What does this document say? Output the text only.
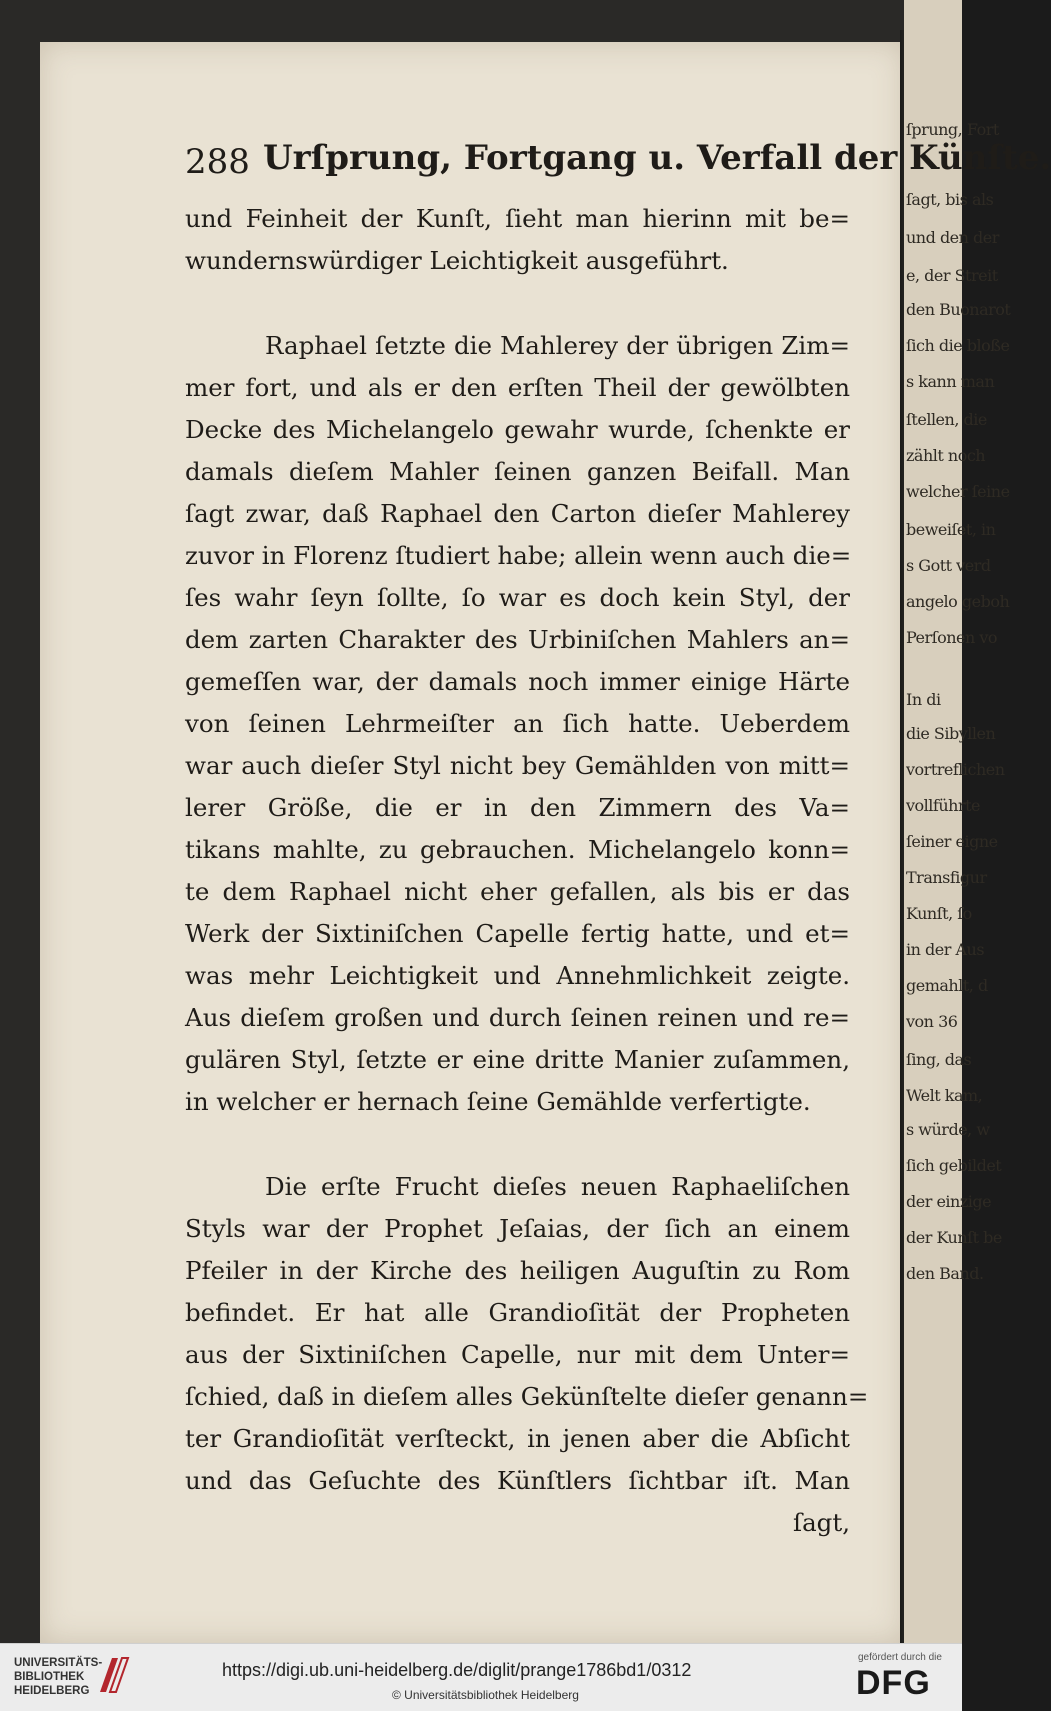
ſprung, Fort
ſagt, bis als
und den der
e, der Streit
den Buonarot
ſich die bloße
s kann man
ſtellen, die
zählt noch
welcher ſeine
beweiſet, in
s Gott verd
angelo geboh
Perſonen vo
In di
die Sibyllen
vortreflichen
vollführte
ſeiner eigne
Transfigur
Kunſt, ſo
in der Aus
gemahlt, d
von 36
ſing, das
Welt kam,
s würde, w
ſich gebildet
der einzige
der Kunſt be
den Band.
288 Urſprung, Fortgang u. Verfall der Künſte.
und Feinheit der Kunſt, ſieht man hierinn mit be=
wundernswürdiger Leichtigkeit ausgeführt.
Raphael ſetzte die Mahlerey der übrigen Zim=
mer fort, und als er den erſten Theil der gewölbten
Decke des Michelangelo gewahr wurde, ſchenkte er
damals dieſem Mahler ſeinen ganzen Beifall. Man
ſagt zwar, daß Raphael den Carton dieſer Mahlerey
zuvor in Florenz ſtudiert habe; allein wenn auch die=
ſes wahr ſeyn ſollte, ſo war es doch kein Styl, der
dem zarten Charakter des Urbiniſchen Mahlers an=
gemeſſen war, der damals noch immer einige Härte
von ſeinen Lehrmeiſter an ſich hatte. Ueberdem
war auch dieſer Styl nicht bey Gemählden von mitt=
lerer Größe, die er in den Zimmern des Va=
tikans mahlte, zu gebrauchen. Michelangelo konn=
te dem Raphael nicht eher gefallen, als bis er das
Werk der Sixtiniſchen Capelle fertig hatte, und et=
was mehr Leichtigkeit und Annehmlichkeit zeigte.
Aus dieſem großen und durch ſeinen reinen und re=
gulären Styl, ſetzte er eine dritte Manier zuſammen,
in welcher er hernach ſeine Gemählde verfertigte.
Die erſte Frucht dieſes neuen Raphaeliſchen
Styls war der Prophet Jeſaias, der ſich an einem
Pfeiler in der Kirche des heiligen Auguſtin zu Rom
befindet. Er hat alle Grandioſität der Propheten
aus der Sixtiniſchen Capelle, nur mit dem Unter=
ſchied, daß in dieſem alles Gekünſtelte dieſer genann=
ter Grandioſität verſteckt, in jenen aber die Abſicht
und das Geſuchte des Künſtlers ſichtbar iſt. Man
ſagt,
UNIVERSITÄTS-
BIBLIOTHEK
HEIDELBERG
https://digi.ub.uni-heidelberg.de/diglit/prange1786bd1/0312
© Universitätsbibliothek Heidelberg
gefördert durch die
DFG
